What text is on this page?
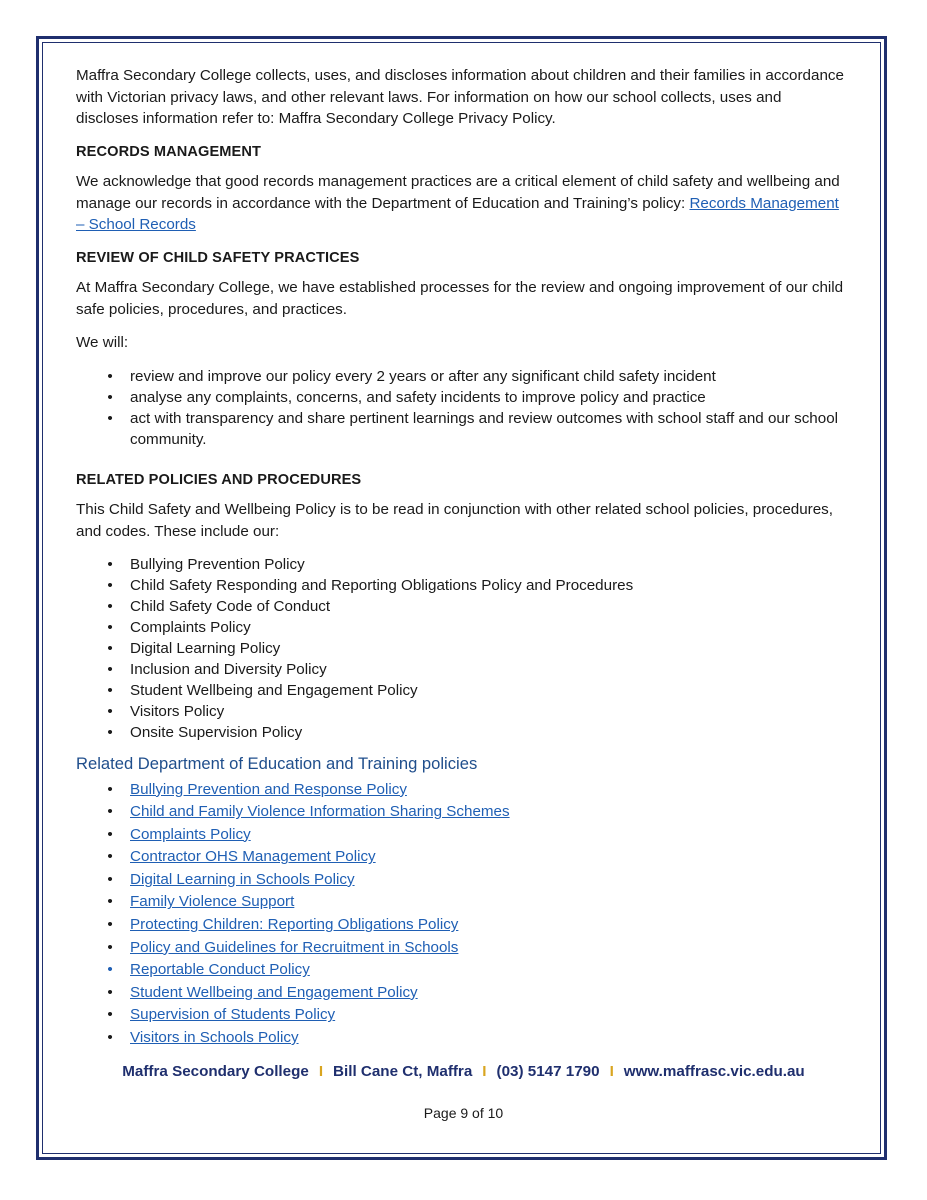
Maffra Secondary College collects, uses, and discloses information about children and their families in accordance with Victorian privacy laws, and other relevant laws. For information on how our school collects, uses and discloses information refer to: Maffra Secondary College Privacy Policy.

RECORDS MANAGEMENT

We acknowledge that good records management practices are a critical element of child safety and wellbeing and manage our records in accordance with the Department of Education and Training’s policy: Records Management – School Records

REVIEW OF CHILD SAFETY PRACTICES

At Maffra Secondary College, we have established processes for the review and ongoing improvement of our child safe policies, procedures, and practices.

We will:

• review and improve our policy every 2 years or after any significant child safety incident
• analyse any complaints, concerns, and safety incidents to improve policy and practice
• act with transparency and share pertinent learnings and review outcomes with school staff and our school community.
RELATED POLICIES AND PROCEDURES

This Child Safety and Wellbeing Policy is to be read in conjunction with other related school policies, procedures, and codes. These include our:

• Bullying Prevention Policy
• Child Safety Responding and Reporting Obligations Policy and Procedures
• Child Safety Code of Conduct
• Complaints Policy
• Digital Learning Policy
• Inclusion and Diversity Policy
• Student Wellbeing and Engagement Policy
• Visitors Policy
• Onsite Supervision Policy
Related Department of Education and Training policies
• Bullying Prevention and Response Policy
• Child and Family Violence Information Sharing Schemes
• Complaints Policy
• Contractor OHS Management Policy
• Digital Learning in Schools Policy
• Family Violence Support
• Protecting Children: Reporting Obligations Policy
• Policy and Guidelines for Recruitment in Schools
• Reportable Conduct Policy
• Student Wellbeing and Engagement Policy
• Supervision of Students Policy
• Visitors in Schools Policy
Maffra Secondary College I Bill Cane Ct, Maffra I (03) 5147 1790 I www.maffrasc.vic.edu.au
Page 9 of 10
